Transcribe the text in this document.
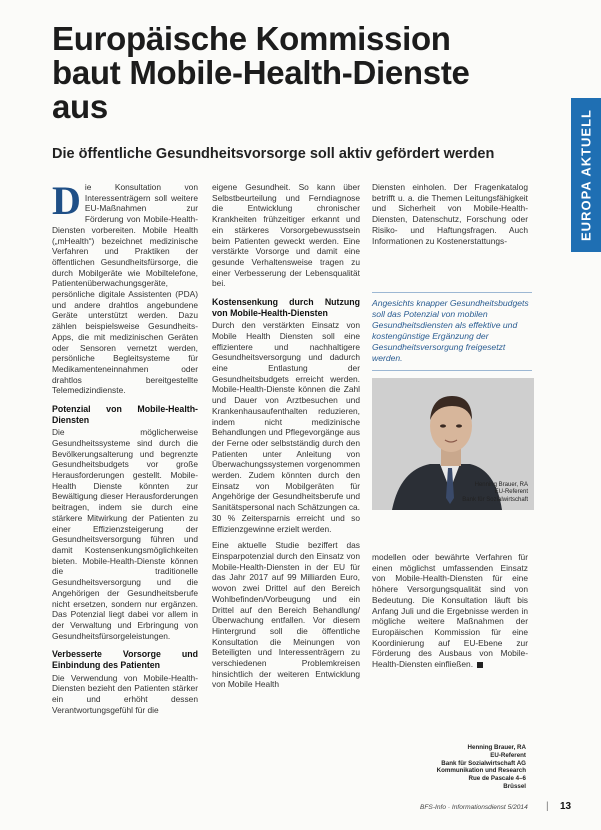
Europäische Kommission baut Mobile-Health-Dienste aus
Die öffentliche Gesundheitsvorsorge soll aktiv gefördert werden	EUROPA AKTUELL

Die Konsultation von Interessenträgern soll weitere EU-Maßnahmen zur Förderung von Mobile-Health-Diensten vorbereiten. Mobile Health („mHealth“) bezeichnet medizinische Verfahren und Praktiken der öffentlichen Gesundheitsfürsorge, die durch Mobilgeräte wie Mobiltelefone, Patientenüberwachungsgeräte, persönliche digitale Assistenten (PDA) und andere drahtlos angebundene Geräte unterstützt werden. Dazu zählen beispielsweise Gesundheits-Apps, die mit medizinischen Geräten oder Sensoren vernetzt werden, persönliche Begleitsysteme für Medikamenteneinnahmen oder drahtlos bereitgestellte Telemedizindienste.

Potenzial von Mobile-Health-Diensten

Die möglicherweise Gesundheitssysteme sind durch die Bevölkerungsalterung und begrenzte Gesundheitsbudgets vor große Herausforderungen gestellt. Mobile-Health Dienste könnten zur Bewältigung dieser Herausforderungen beitragen, indem sie durch eine stärkere Mitwirkung der Patienten zu einer Effizienzsteigerung der Gesundheitsversorgung führen und damit Kostensenkungsmöglichkeiten bieten. Mobile-Health-Dienste können die traditionelle Gesundheitsversorgung und die Angehörigen der Gesundheitsberufe nicht ersetzen, sondern nur ergänzen. Das Potenzial liegt dabei vor allem in der Verwaltung und Erbringung von Gesundheitsfürsorgeleistungen.

Verbesserte Vorsorge und Einbindung des Patienten

Die Verwendung von Mobile-Health-Diensten bezieht den Patienten stärker ein und erhöht dessen Verantwortungsgefühl für die

eigene Gesundheit. So kann über Selbstbeurteilung und Ferndiagnose die Entwicklung chronischer Krankheiten frühzeitiger erkannt und ein stärkeres Vorsorgebewusstsein beim Patienten geweckt werden. Eine verstärkte Vorsorge und damit eine gesunde Verhaltensweise tragen zu einer Verbesserung der Lebensqualität bei.

Kostensenkung durch Nutzung von Mobile-Health-Diensten

Durch den verstärkten Einsatz von Mobile Health Diensten soll eine effizientere und nachhaltigere Gesundheitsversorgung und dadurch eine Entlastung der Gesundheitsbudgets erreicht werden. Mobile-Health-Dienste können die Zahl und Dauer von Arztbesuchen und Krankenhausaufenthalten reduzieren, indem nicht medizinische Behandlungen und Pflegevorgänge aus der Ferne oder selbstständig durch den Patienten unter Anleitung von Überwachungssystemen vorgenommen werden. Zudem könnten durch den Einsatz von Mobilgeräten für Angehörige der Gesundheitsberufe und Sanitätspersonal nach Schätzungen ca. 30 % Zeitersparnis erreicht und so Effizienzgewinne erzielt werden.

Eine aktuelle Studie beziffert das Einsparpotenzial durch den Einsatz von Mobile-Health-Diensten in der EU für das Jahr 2017 auf 99 Milliarden Euro, wovon zwei Drittel auf den Bereich Wohlbefinden/Vorbeugung und ein Drittel auf den Bereich Behandlung/Überwachung entfallen. Vor diesem Hintergrund soll die öffentliche Konsultation die Meinungen von Beteiligten und Interessenträgern zu verschiedenen Problemkreisen hinsichtlich der weiteren Entwicklung von Mobile Health

Diensten einholen. Der Fragenkatalog betrifft u. a. die Themen Leitungsfähigkeit und Sicherheit von Mobile-Health-Diensten, Datenschutz, Forschung oder Risiko- und Haftungsfragen. Auch Informationen zu Kostenerstattungs-

Angesichts knapper Gesundheitsbudgets soll das Potenzial von mobilen Gesundheitsdiensten als effektive und kostengünstige Ergänzung der Gesundheitsversorgung freigesetzt werden.
Henning Brauer, RA
EU-Referent
Bank für Sozialwirtschaft

modellen oder bewährte Verfahren für einen möglichst umfassenden Einsatz von Mobile-Health-Diensten für eine höhere Versorgungsqualität sind von Bedeutung. Die Konsultation läuft bis Anfang Juli und die Ergebnisse werden in mögliche weitere Maßnahmen der Europäischen Kommission für eine Koordinierung auf EU-Ebene zur Förderung des Ausbaus von Mobile-Health-Diensten einfließen.

Henning Brauer, RA
EU-Referent
Bank für Sozialwirtschaft AG
Kommunikation und Research
Rue de Pascale 4–6
Brüssel
BFS-Info · Informationsdienst 5/2014 | 13
